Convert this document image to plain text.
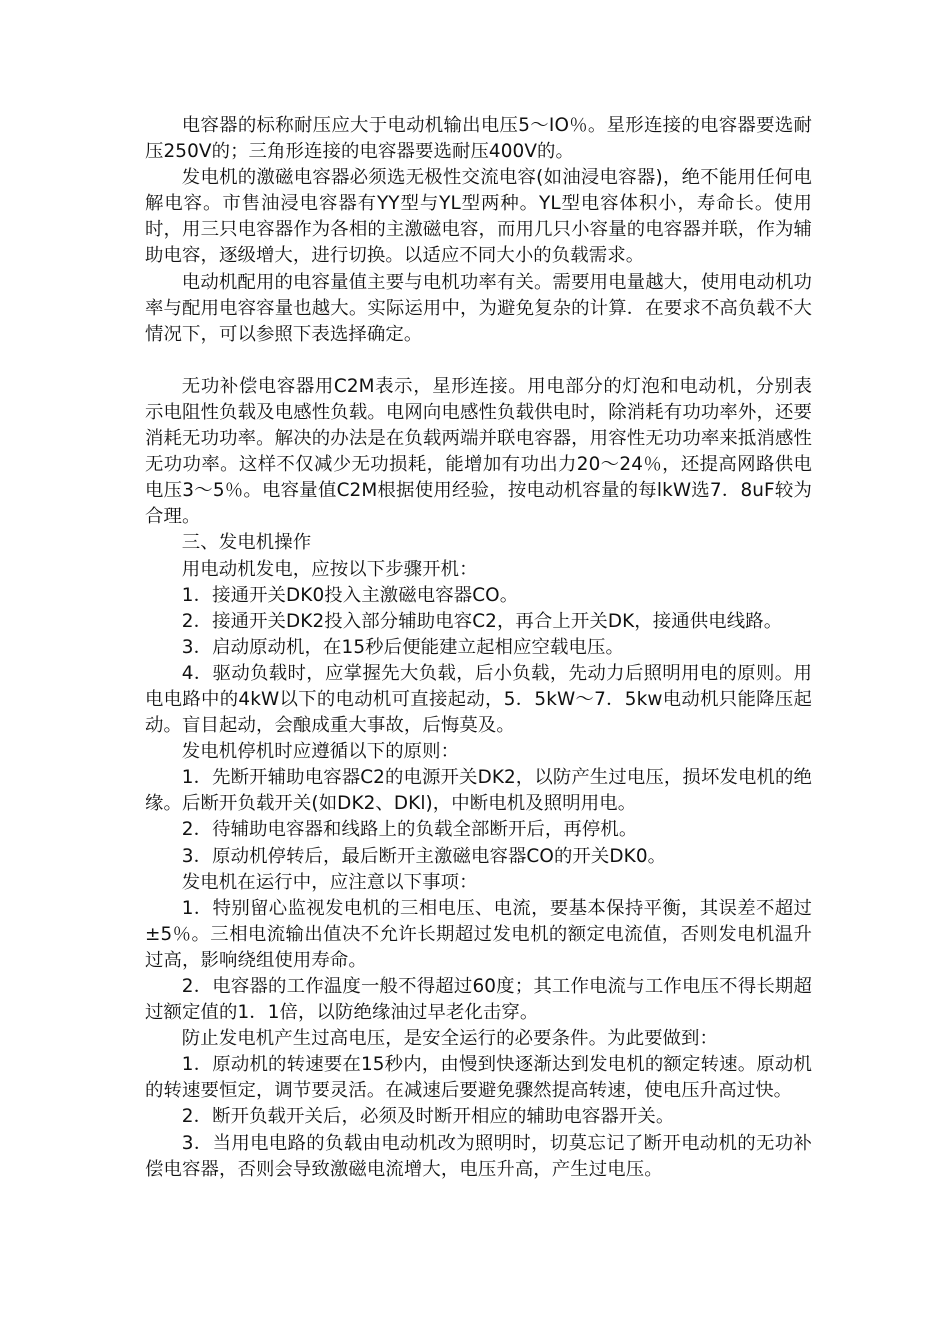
电容器的标称耐压应大于电动机输出电压5～IO％。星形连接的电容器要选耐压250V的；三角形连接的电容器要选耐压400V的。

发电机的激磁电容器必须选无极性交流电容(如油浸电容器)，绝不能用任何电解电容。市售油浸电容器有YY型与YL型两种。YL型电容体积小，寿命长。使用时，用三只电容器作为各相的主激磁电容，而用几只小容量的电容器并联，作为辅助电容，逐级增大，进行切换。以适应不同大小的负载需求。

电动机配用的电容量值主要与电机功率有关。需要用电量越大，使用电动机功率与配用电容容量也越大。实际运用中，为避免复杂的计算．在要求不高负载不大情况下，可以参照下表选择确定。

无功补偿电容器用C2M表示，星形连接。用电部分的灯泡和电动机，分别表示电阻性负载及电感性负载。电网向电感性负载供电时，除消耗有功功率外，还要消耗无功功率。解决的办法是在负载两端并联电容器，用容性无功功率来抵消感性无功功率。这样不仅减少无功损耗，能增加有功出力20～24％，还提高网路供电电压3～5％。电容量值C2M根据使用经验，按电动机容量的每lkW选7．8uF较为合理。

三、发电机操作

用电动机发电，应按以下步骤开机：

1．接通开关DK0投入主激磁电容器CO。

2．接通开关DK2投入部分辅助电容C2，再合上开关DK，接通供电线路。

3．启动原动机，在15秒后便能建立起相应空载电压。

4．驱动负载时，应掌握先大负载，后小负载，先动力后照明用电的原则。用电电路中的4kW以下的电动机可直接起动，5．5kW～7．5kw电动机只能降压起动。盲目起动，会酿成重大事故，后悔莫及。

发电机停机时应遵循以下的原则：

1．先断开辅助电容器C2的电源开关DK2，以防产生过电压，损坏发电机的绝缘。后断开负载开关(如DK2、DKl)，中断电机及照明用电。

2．待辅助电容器和线路上的负载全部断开后，再停机。

3．原动机停转后，最后断开主激磁电容器CO的开关DK0。

发电机在运行中，应注意以下事项：

1．特别留心监视发电机的三相电压、电流，要基本保持平衡，其误差不超过±5％。三相电流输出值决不允许长期超过发电机的额定电流值，否则发电机温升过高，影响绕组使用寿命。

2．电容器的工作温度一般不得超过60度；其工作电流与工作电压不得长期超过额定值的1．1倍，以防绝缘油过早老化击穿。

防止发电机产生过高电压，是安全运行的必要条件。为此要做到：

1．原动机的转速要在15秒内，由慢到快逐渐达到发电机的额定转速。原动机的转速要恒定，调节要灵活。在减速后要避免骤然提高转速，使电压升高过快。

2．断开负载开关后，必须及时断开相应的辅助电容器开关。

3．当用电电路的负载由电动机改为照明时，切莫忘记了断开电动机的无功补偿电容器，否则会导致激磁电流增大，电压升高，产生过电压。
